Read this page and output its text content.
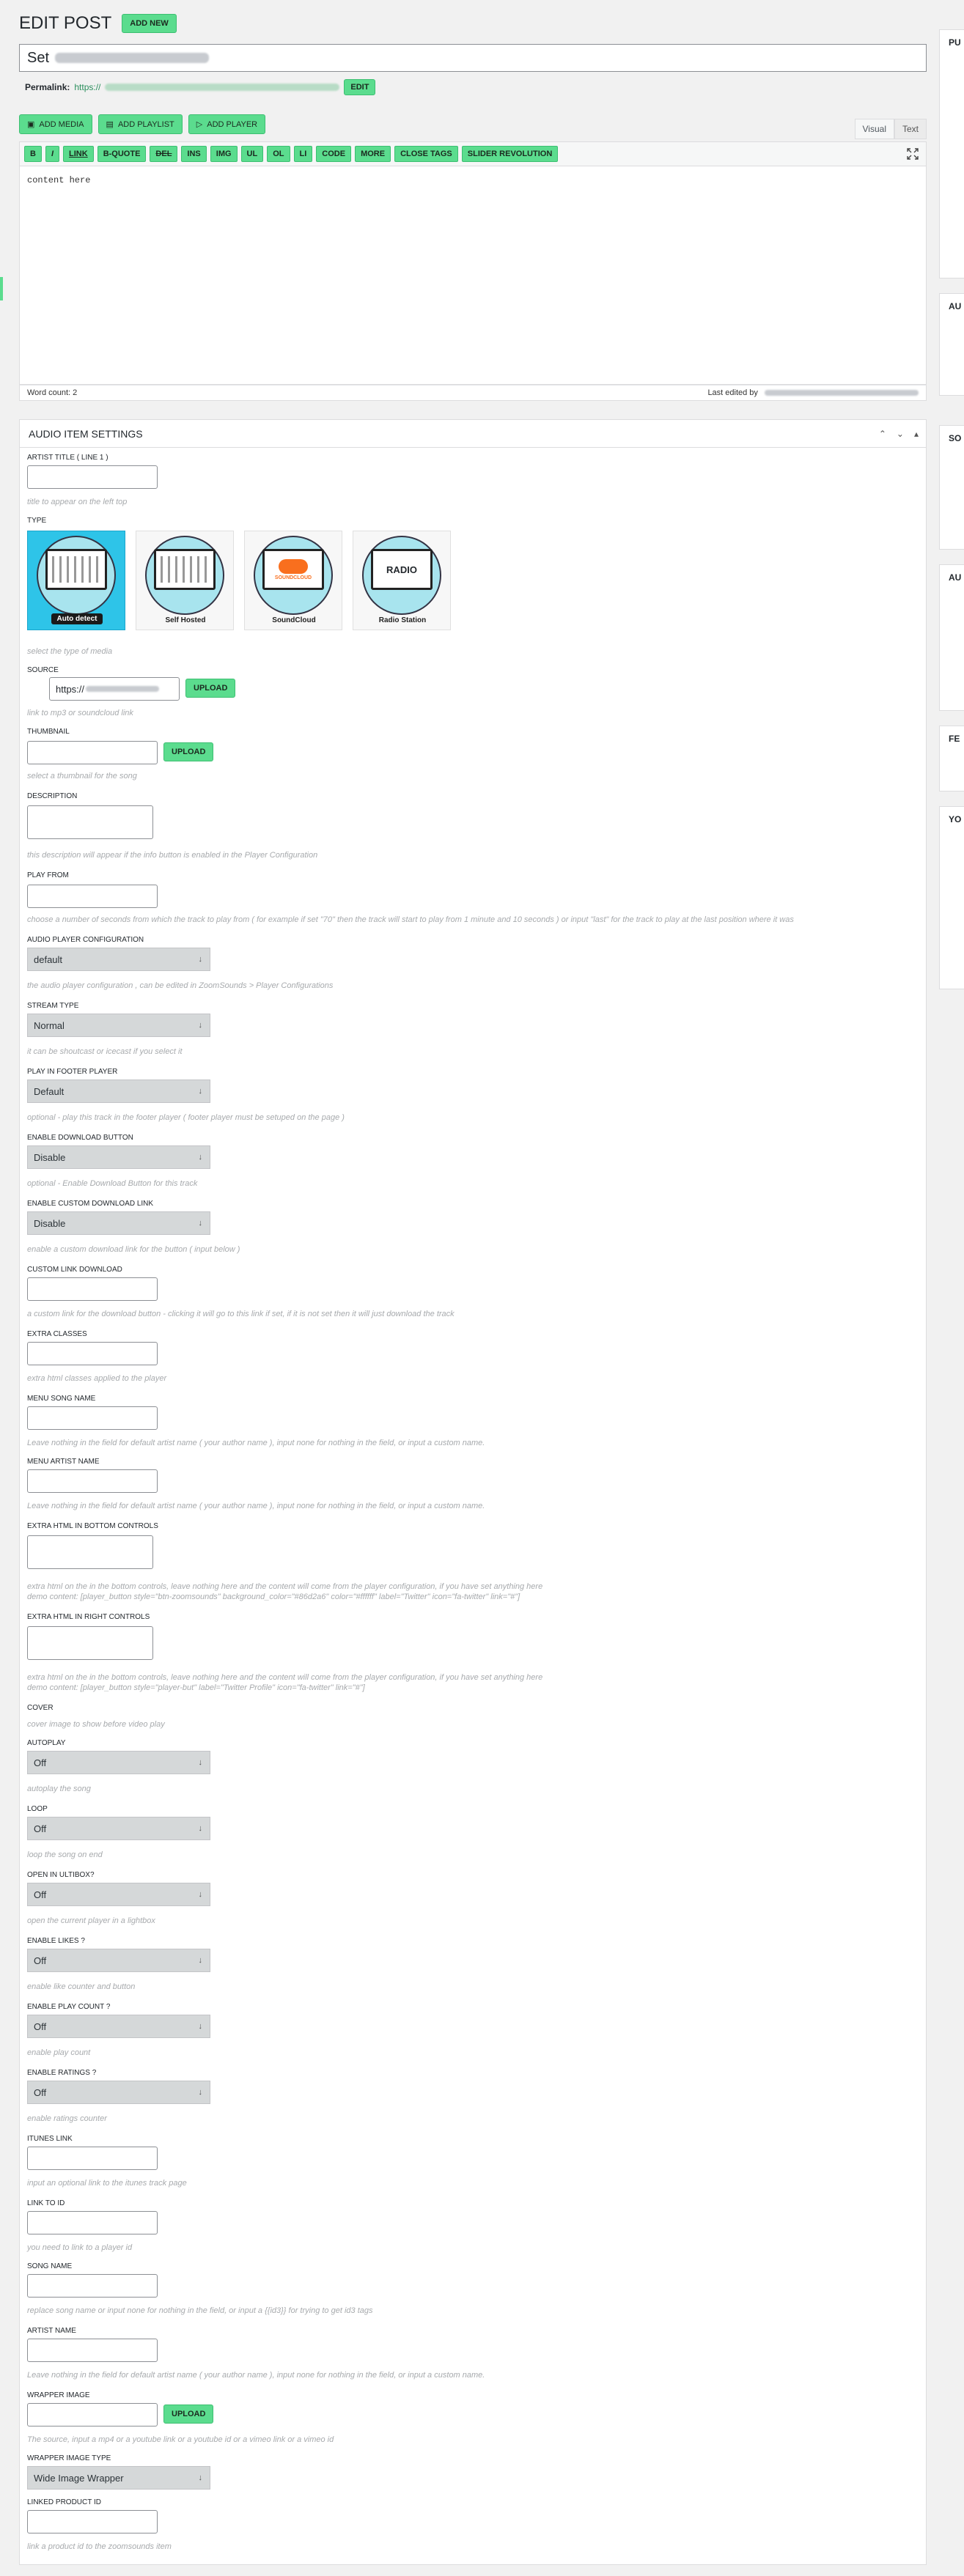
EDIT POST	ADD NEW
Set
Permalink: https://	EDIT
▣ ADD MEDIA	▤ ADD PLAYLIST	▷ ADD PLAYER	Visual	Text
B	I	LINK	B-QUOTE	DEL	INS	IMG	UL	OL	LI	CODE	MORE	CLOSE TAGS	SLIDER REVOLUTION
content here
Word count: 2	Last edited by
PU
AU
SO
AU
FE
YO
AUDIO ITEM SETTINGS	⌃ ⌄ ▴
ARTIST TITLE ( LINE 1 )
title to appear on the left top
TYPE
Auto detect	Self Hosted
SOUNDCLOUD
SoundCloud
RADIO
Radio Station
select the type of media
SOURCE
https://	UPLOAD
link to mp3 or soundcloud link
THUMBNAIL
UPLOAD
select a thumbnail for the song
DESCRIPTION
this description will appear if the info button is enabled in the Player Configuration
PLAY FROM
choose a number of seconds from which the track to play from ( for example if set "70" then the track will start to play from 1 minute and 10 seconds ) or input "last" for the track to play at the last position where it was
AUDIO PLAYER CONFIGURATION
default	↓
the audio player configuration , can be edited in ZoomSounds > Player Configurations
STREAM TYPE
Normal	↓
it can be shoutcast or icecast if you select it
PLAY IN FOOTER PLAYER
Default	↓
optional - play this track in the footer player ( footer player must be setuped on the page )
ENABLE DOWNLOAD BUTTON
Disable	↓
optional - Enable Download Button for this track
ENABLE CUSTOM DOWNLOAD LINK
Disable	↓
enable a custom download link for the button ( input below )
CUSTOM LINK DOWNLOAD
a custom link for the download button - clicking it will go to this link if set, if it is not set then it will just download the track
EXTRA CLASSES
extra html classes applied to the player
MENU SONG NAME
Leave nothing in the field for default artist name ( your author name ), input none for nothing in the field, or input a custom name.
MENU ARTIST NAME
Leave nothing in the field for default artist name ( your author name ), input none for nothing in the field, or input a custom name.
EXTRA HTML IN BOTTOM CONTROLS
extra html on the in the bottom controls, leave nothing here and the content will come from the player configuration, if you have set anything here
demo content: [player_button style="btn-zoomsounds" background_color="#86d2a6" color="#ffffff" label="Twitter" icon="fa-twitter" link="#"]
EXTRA HTML IN RIGHT CONTROLS
extra html on the in the bottom controls, leave nothing here and the content will come from the player configuration, if you have set anything here
demo content: [player_button style="player-but" label="Twitter Profile" icon="fa-twitter" link="#"]
COVER
cover image to show before video play
AUTOPLAY
Off	↓
autoplay the song
LOOP
Off	↓
loop the song on end
OPEN IN ULTIBOX?
Off	↓
open the current player in a lightbox
ENABLE LIKES ?
Off	↓
enable like counter and button
ENABLE PLAY COUNT ?
Off	↓
enable play count
ENABLE RATINGS ?
Off	↓
enable ratings counter
ITUNES LINK
input an optional link to the itunes track page
LINK TO ID
you need to link to a player id
SONG NAME
replace song name or input none for nothing in the field, or input a {{id3}} for trying to get id3 tags
ARTIST NAME
Leave nothing in the field for default artist name ( your author name ), input none for nothing in the field, or input a custom name.
WRAPPER IMAGE
UPLOAD
The source, input a mp4 or a youtube link or a youtube id or a vimeo link or a vimeo id
WRAPPER IMAGE TYPE
Wide Image Wrapper	↓
LINKED PRODUCT ID
link a product id to the zoomsounds item
